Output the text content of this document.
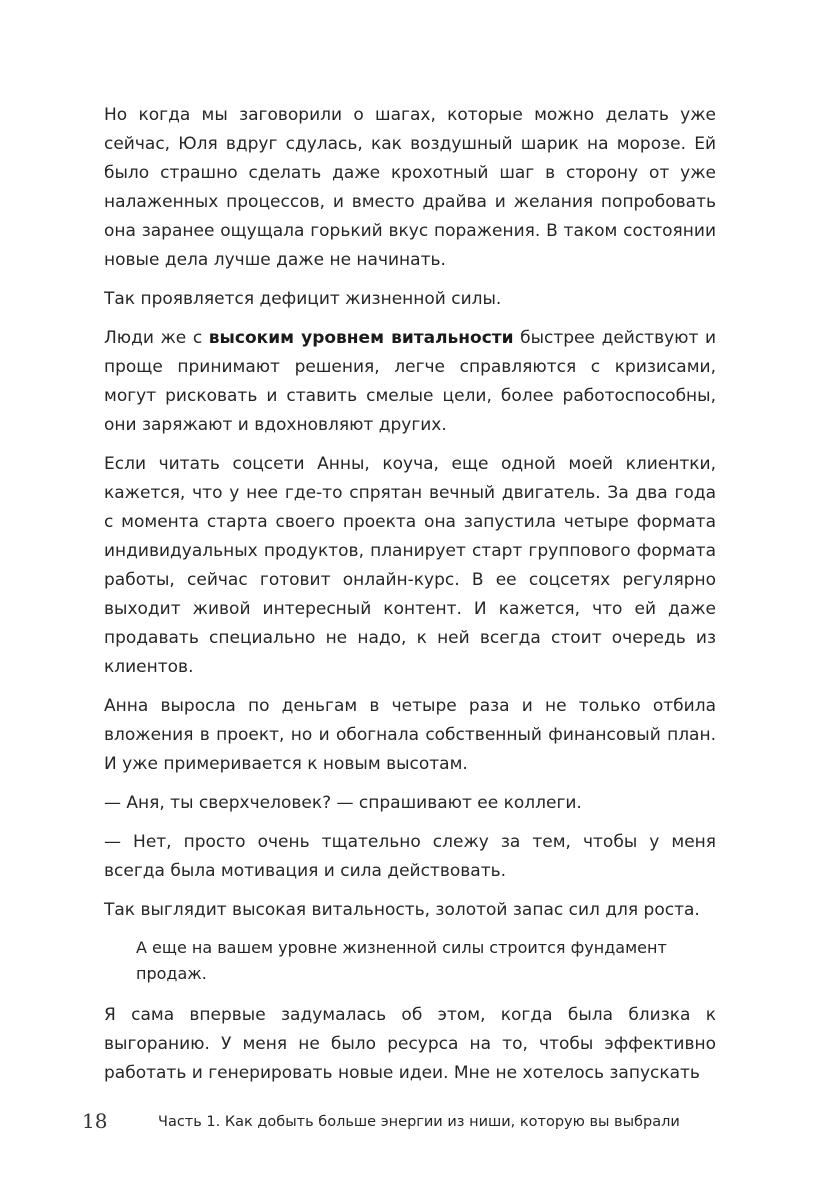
Но когда мы заговорили о шагах, которые можно делать уже сейчас, Юля вдруг сдулась, как воздушный шарик на морозе. Ей было страшно сделать даже крохотный шаг в сторону от уже налаженных процессов, и вместо драйва и желания попробовать она заранее ощущала горький вкус поражения. В таком состоянии новые дела лучше даже не начинать.

Так проявляется дефицит жизненной силы.

Люди же с высоким уровнем витальности быстрее действуют и проще принимают решения, легче справляются с кризисами, могут рисковать и ставить смелые цели, более работоспособны, они заряжают и вдохновляют других.

Если читать соцсети Анны, коуча, еще одной моей клиентки, кажется, что у нее где-то спрятан вечный двигатель. За два года с момента старта своего проекта она запустила четыре формата индивидуальных продуктов, планирует старт группового формата работы, сейчас готовит онлайн-курс. В ее соцсетях регулярно выходит живой интересный контент. И кажется, что ей даже продавать специально не надо, к ней всегда стоит очередь из клиентов.

Анна выросла по деньгам в четыре раза и не только отбила вложения в проект, но и обогнала собственный финансовый план. И уже примеривается к новым высотам.

— Аня, ты сверхчеловек? — спрашивают ее коллеги.

— Нет, просто очень тщательно слежу за тем, чтобы у меня всегда была мотивация и сила действовать.

Так выглядит высокая витальность, золотой запас сил для роста.

А еще на вашем уровне жизненной силы строится фундамент продаж.

Я сама впервые задумалась об этом, когда была близка к выгоранию. У меня не было ресурса на то, чтобы эффективно работать и генерировать новые идеи. Мне не хотелось запускать

18	Часть 1. Как добыть больше энергии из ниши, которую вы выбрали
